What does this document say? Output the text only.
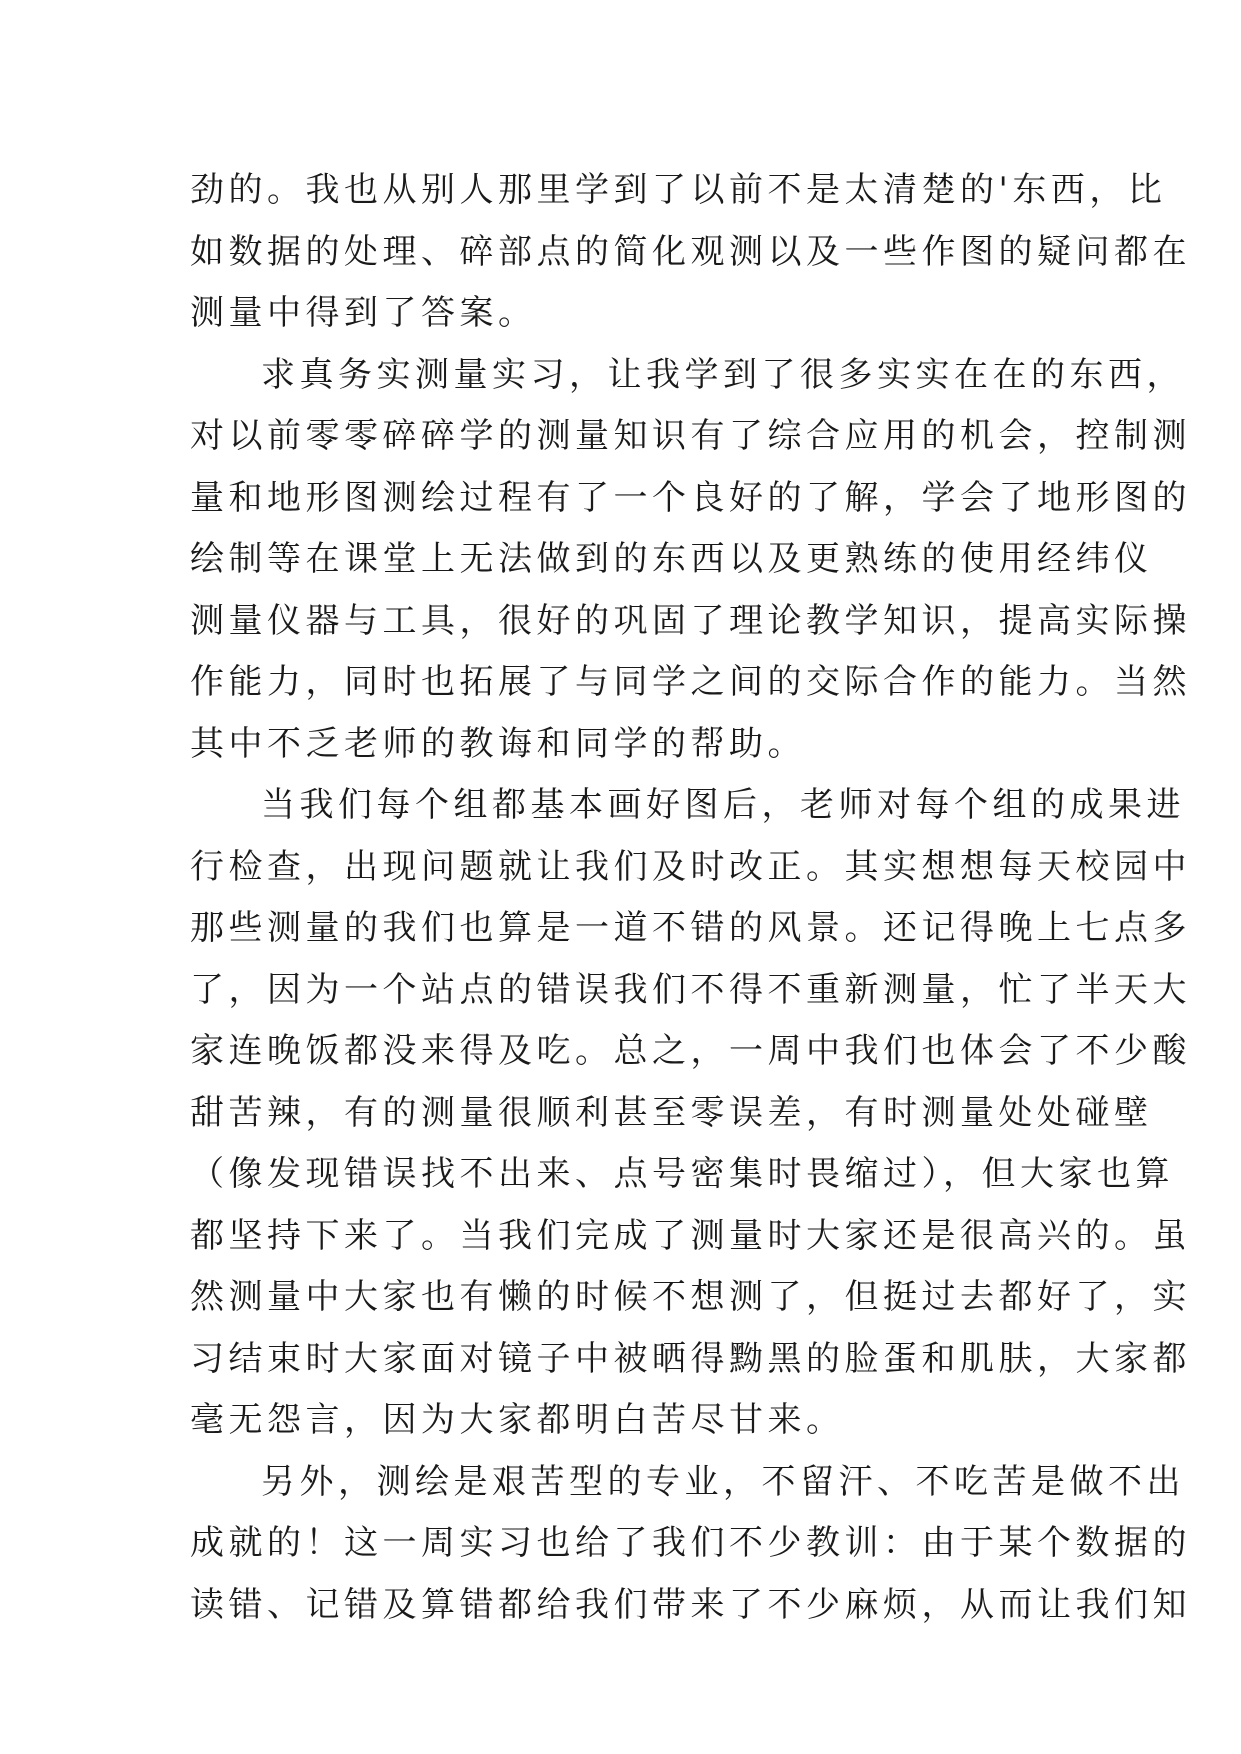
劲的。我也从别人那里学到了以前不是太清楚的'东西，比
如数据的处理、碎部点的简化观测以及一些作图的疑问都在
测量中得到了答案。
求真务实测量实习，让我学到了很多实实在在的东西，
对以前零零碎碎学的测量知识有了综合应用的机会，控制测
量和地形图测绘过程有了一个良好的了解，学会了地形图的
绘制等在课堂上无法做到的东西以及更熟练的使用经纬仪
测量仪器与工具，很好的巩固了理论教学知识，提高实际操
作能力，同时也拓展了与同学之间的交际合作的能力。当然
其中不乏老师的教诲和同学的帮助。
当我们每个组都基本画好图后，老师对每个组的成果进
行检查，出现问题就让我们及时改正。其实想想每天校园中
那些测量的我们也算是一道不错的风景。还记得晚上七点多
了，因为一个站点的错误我们不得不重新测量，忙了半天大
家连晚饭都没来得及吃。总之，一周中我们也体会了不少酸
甜苦辣，有的测量很顺利甚至零误差，有时测量处处碰壁
（像发现错误找不出来、点号密集时畏缩过），但大家也算
都坚持下来了。当我们完成了测量时大家还是很高兴的。虽
然测量中大家也有懒的时候不想测了，但挺过去都好了，实
习结束时大家面对镜子中被晒得黝黑的脸蛋和肌肤，大家都
毫无怨言，因为大家都明白苦尽甘来。
另外，测绘是艰苦型的专业，不留汗、不吃苦是做不出
成就的！这一周实习也给了我们不少教训：由于某个数据的
读错、记错及算错都给我们带来了不少麻烦，从而让我们知
